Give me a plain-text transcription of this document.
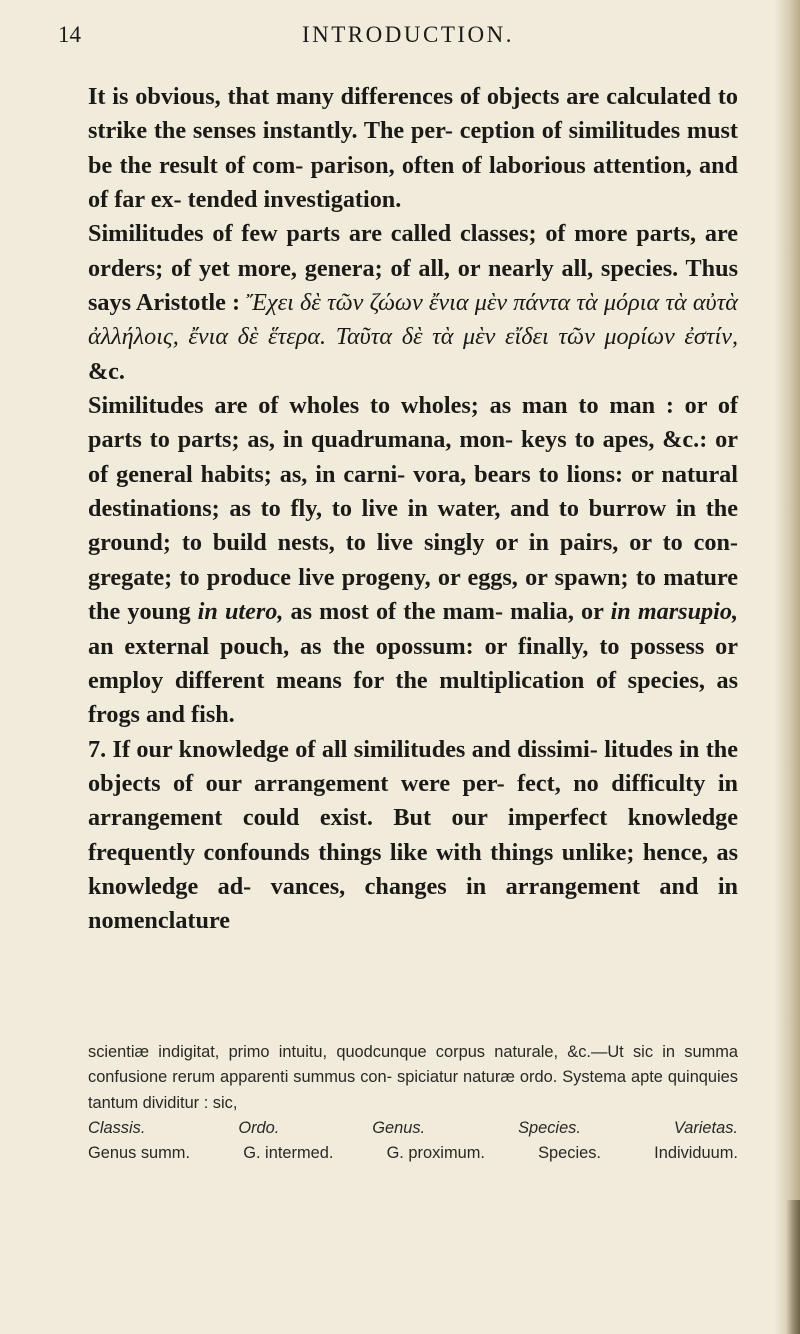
14	INTRODUCTION.

It is obvious, that many differences of objects are calculated to strike the senses instantly. The per- ception of similitudes must be the result of com- parison, often of laborious attention, and of far ex- tended investigation.

Similitudes of few parts are called classes; of more parts, are orders; of yet more, genera; of all, or nearly all, species. Thus says Aristotle : Ἔχει δὲ τῶν ζώων ἔνια μὲν πάντα τὰ μόρια τὰ αὐτὰ ἀλλήλοις, ἔνια δὲ ἕτερα. Ταῦτα δὲ τὰ μὲν εἴδει τῶν μορίων ἐστίν, &c.

Similitudes are of wholes to wholes; as man to man : or of parts to parts; as, in quadrumana, mon- keys to apes, &c.: or of general habits; as, in carni- vora, bears to lions: or natural destinations; as to fly, to live in water, and to burrow in the ground; to build nests, to live singly or in pairs, or to con- gregate; to produce live progeny, or eggs, or spawn; to mature the young in utero, as most of the mam- malia, or in marsupio, an external pouch, as the opossum: or finally, to possess or employ different means for the multiplication of species, as frogs and fish.

7. If our knowledge of all similitudes and dissimi- litudes in the objects of our arrangement were per- fect, no difficulty in arrangement could exist. But our imperfect knowledge frequently confounds things like with things unlike; hence, as knowledge ad- vances, changes in arrangement and in nomenclature

scientiæ indigitat, primo intuitu, quodcunque corpus naturale, &c.—Ut sic in summa confusione rerum apparenti summus con- spiciatur naturæ ordo. Systema apte quinquies tantum dividitur : sic,

Classis.	Ordo.	Genus.	Species.	Varietas.
Genus summ.	G. intermed.	G. proximum.	Species.	Individuum.
